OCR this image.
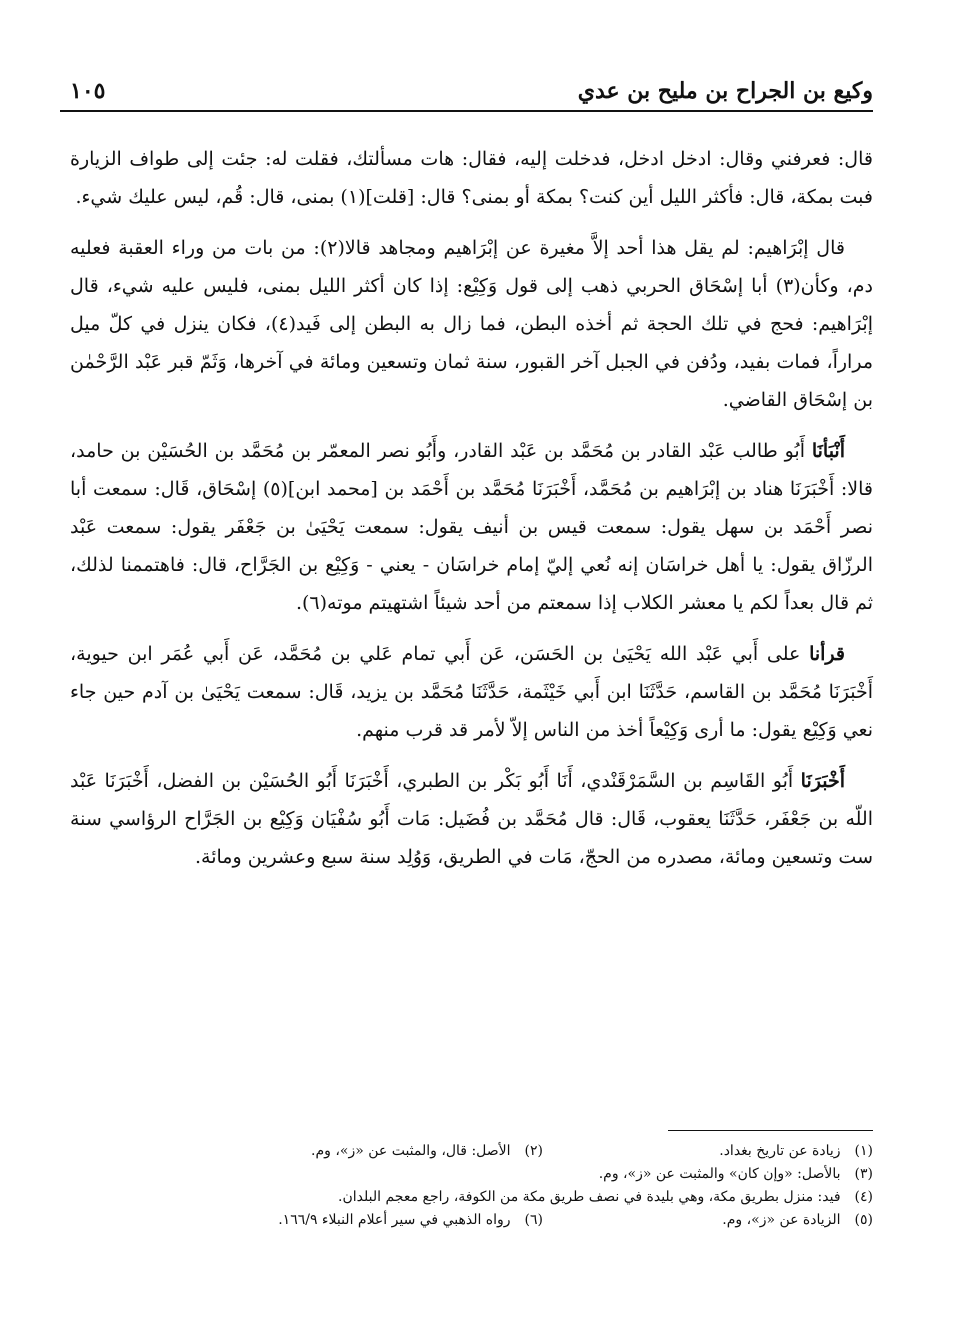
وكيع بن الجراح بن مليح بن عدي
١٠٥

قال: فعرفني وقال: ادخل ادخل، فدخلت إليه، فقال: هات مسألتك، فقلت له: جئت إلى طواف الزيارة فبت بمكة، قال: فأكثر الليل أين كنت؟ بمكة أو بمنى؟ قال: [قلت](١) بمنى، قال: قُم، ليس عليك شيء.

قال إبْرَاهيم: لم يقل هذا أحد إلاَّ مغيرة عن إبْرَاهيم ومجاهد قالا(٢): من بات من وراء العقبة فعليه دم، وكأن(٣) أبا إسْحَاق الحربي ذهب إلى قول وَكِيْع: إذا كان أكثر الليل بمنى، فليس عليه شيء، قال إبْرَاهيم: فحج في تلك الحجة ثم أخذه البطن، فما زال به البطن إلى فَيد(٤)، فكان ينزل في كلّ ميل مراراً، فمات بفيد، ودُفن في الجبل آخر القبور، سنة ثمان وتسعين ومائة في آخرها، وَثَمّ قبر عَبْد الرَّحْمٰن بن إسْحَاق القاضي.

أَنْبَأنَا أَبُو طالب عَبْد القادر بن مُحَمَّد بن عَبْد القادر، وأَبُو نصر المعمّر بن مُحَمَّد بن الحُسَيْن بن حامد، قالا: أَخْبَرَنَا هناد بن إبْرَاهيم بن مُحَمَّد، أَخْبَرَنَا مُحَمَّد بن أَحْمَد بن [محمد ابن](٥) إسْحَاق، قَال: سمعت أبا نصر أَحْمَد بن سهل يقول: سمعت قيس بن أنيف يقول: سمعت يَحْيَىٰ بن جَعْفَر يقول: سمعت عَبْد الرزّاق يقول: يا أهل خراسَان إنه نُعي إليّ إمام خراسَان - يعني - وَكِيْع بن الجَرَّاح، قال: فاهتممنا لذلك، ثم قال بعداً لكم يا معشر الكلاب إذا سمعتم من أحد شيئاً اشتهيتم موته(٦).

قرأنا على أَبي عَبْد الله يَحْيَىٰ بن الحَسَن، عَن أَبي تمام عَلي بن مُحَمَّد، عَن أَبي عُمَر ابن حيوية، أَخْبَرَنَا مُحَمَّد بن القاسم، حَدَّثَنَا ابن أَبي خَيْثَمة، حَدَّثَنَا مُحَمَّد بن يزيد، قَال: سمعت يَحْيَىٰ بن آدم حين جاء نعي وَكِيْع يقول: ما أرى وَكِيْعاً أخذ من الناس إلاّ لأمر قد قرب منهم.

أَخْبَرَنَا أَبُو القَاسِم بن السَّمَرْقَنْدي، أَنَا أَبُو بَكْر بن الطبري، أَخْبَرَنَا أَبُو الحُسَيْن بن الفضل، أَخْبَرَنَا عَبْد اللّه بن جَعْفَر، حَدَّثَنَا يعقوب، قَال: قال مُحَمَّد بن فُضَيل: مَات أَبُو سُفْيَان وَكِيْع بن الجَرَّاح الرؤاسي سنة ست وتسعين ومائة، مصدره من الحجّ، مَات في الطريق، وَوُلِد سنة سبع وعشرين ومائة.

(١) زيادة عن تاريخ بغداد.
(٢) الأصل: قال، والمثبت عن «ز»، وم.
(٣) بالأصل: «وإن كان» والمثبت عن «ز»، وم.
(٤) فيد: منزل بطريق مكة، وهي بليدة في نصف طريق مكة من الكوفة، راجع معجم البلدان.
(٥) الزيادة عن «ز»، وم.
(٦) رواه الذهبي في سير أعلام النبلاء ١٦٦/٩.
